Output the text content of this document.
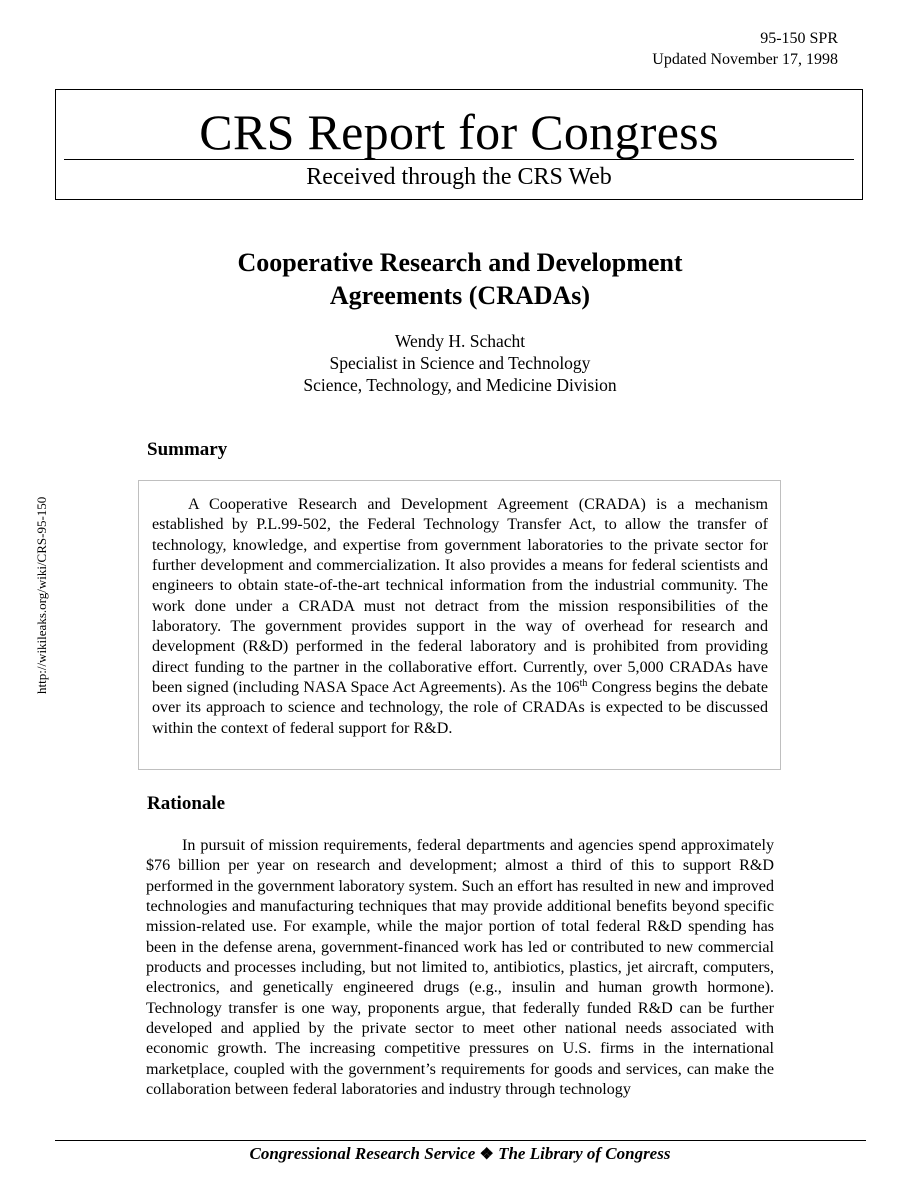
95-150 SPR
Updated November 17, 1998
CRS Report for Congress
Received through the CRS Web
Cooperative Research and Development
Agreements (CRADAs)
Wendy H. Schacht
Specialist in Science and Technology
Science, Technology, and Medicine Division
http://wikileaks.org/wiki/CRS-95-150
Summary

A Cooperative Research and Development Agreement (CRADA) is a mechanism established by P.L.99-502, the Federal Technology Transfer Act, to allow the transfer of technology, knowledge, and expertise from government laboratories to the private sector for further development and commercialization. It also provides a means for federal scientists and engineers to obtain state-of-the-art technical information from the industrial community. The work done under a CRADA must not detract from the mission responsibilities of the laboratory. The government provides support in the way of overhead for research and development (R&D) performed in the federal laboratory and is prohibited from providing direct funding to the partner in the collaborative effort. Currently, over 5,000 CRADAs have been signed (including NASA Space Act Agreements). As the 106th Congress begins the debate over its approach to science and technology, the role of CRADAs is expected to be discussed within the context of federal support for R&D.

Rationale

In pursuit of mission requirements, federal departments and agencies spend approximately $76 billion per year on research and development; almost a third of this to support R&D performed in the government laboratory system. Such an effort has resulted in new and improved technologies and manufacturing techniques that may provide additional benefits beyond specific mission-related use. For example, while the major portion of total federal R&D spending has been in the defense arena, government-financed work has led or contributed to new commercial products and processes including, but not limited to, antibiotics, plastics, jet aircraft, computers, electronics, and genetically engineered drugs (e.g., insulin and human growth hormone). Technology transfer is one way, proponents argue, that federally funded R&D can be further developed and applied by the private sector to meet other national needs associated with economic growth. The increasing competitive pressures on U.S. firms in the international marketplace, coupled with the government’s requirements for goods and services, can make the collaboration between federal laboratories and industry through technology

Congressional Research Service ❖ The Library of Congress
